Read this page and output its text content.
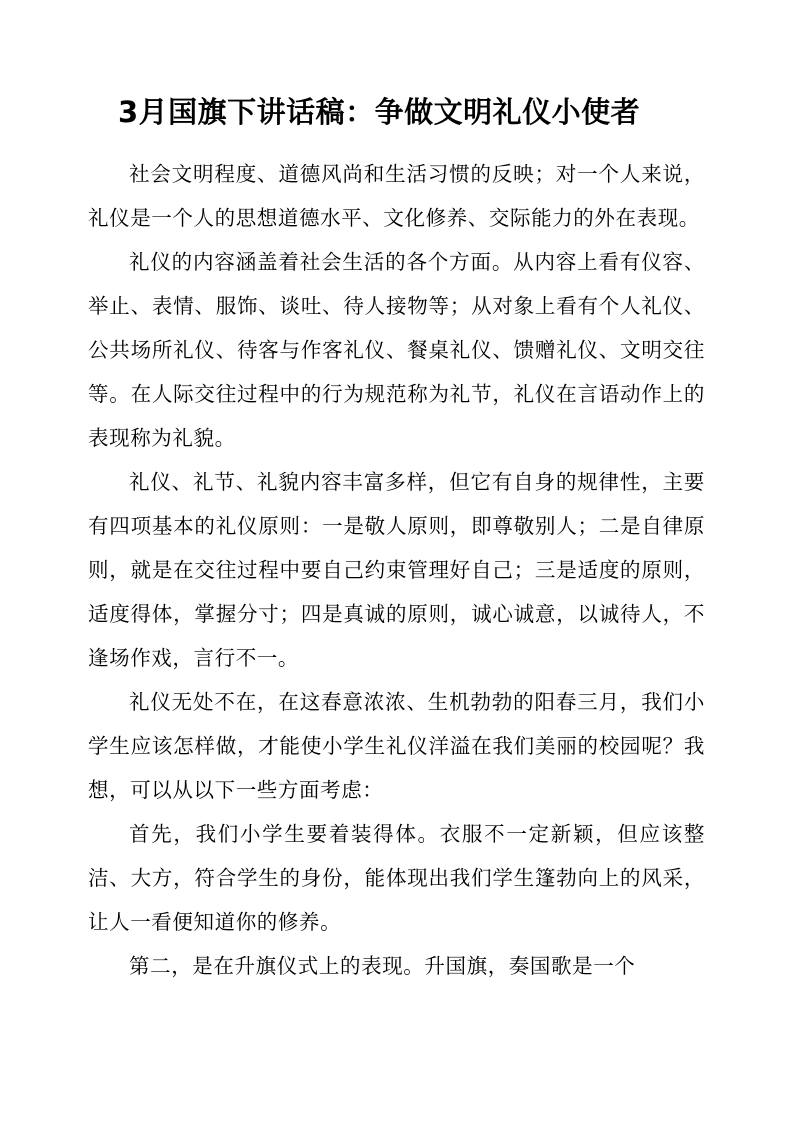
3月国旗下讲话稿：争做文明礼仪小使者

社会文明程度、道德风尚和生活习惯的反映；对一个人来说，礼仪是一个人的思想道德水平、文化修养、交际能力的外在表现。

礼仪的内容涵盖着社会生活的各个方面。从内容上看有仪容、举止、表情、服饰、谈吐、待人接物等；从对象上看有个人礼仪、公共场所礼仪、待客与作客礼仪、餐桌礼仪、馈赠礼仪、文明交往等。在人际交往过程中的行为规范称为礼节，礼仪在言语动作上的表现称为礼貌。

礼仪、礼节、礼貌内容丰富多样，但它有自身的规律性，主要有四项基本的礼仪原则：一是敬人原则，即尊敬别人；二是自律原则，就是在交往过程中要自己约束管理好自己；三是适度的原则，适度得体，掌握分寸；四是真诚的原则，诚心诚意，以诚待人，不逢场作戏，言行不一。

礼仪无处不在，在这春意浓浓、生机勃勃的阳春三月，我们小学生应该怎样做，才能使小学生礼仪洋溢在我们美丽的校园呢？我想，可以从以下一些方面考虑：

首先，我们小学生要着装得体。衣服不一定新颖，但应该整洁、大方，符合学生的身份，能体现出我们学生篷勃向上的风采，让人一看便知道你的修养。

第二，是在升旗仪式上的表现。升国旗，奏国歌是一个
